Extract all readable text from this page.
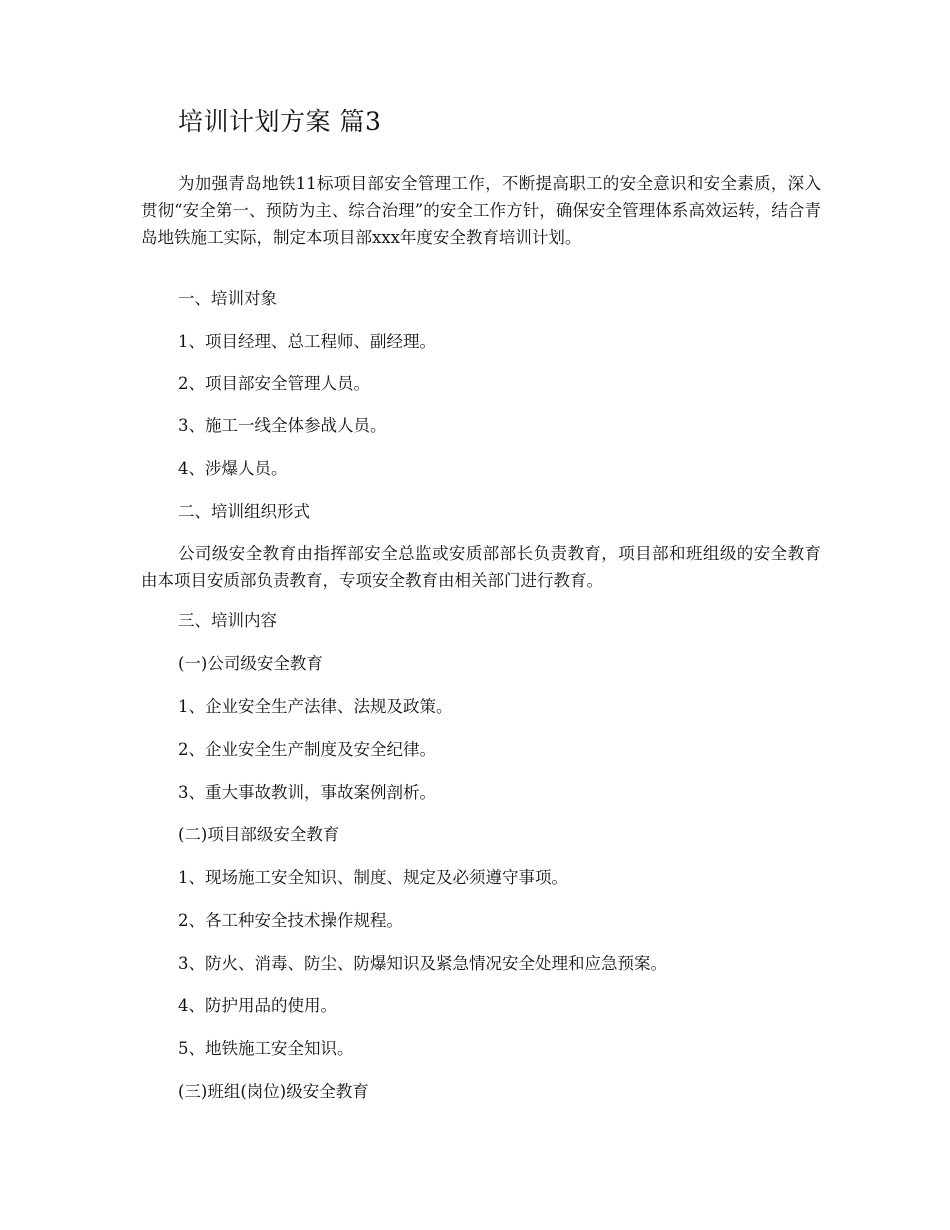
培训计划方案 篇3

为加强青岛地铁11标项目部安全管理工作，不断提高职工的安全意识和安全素质，深入贯彻“安全第一、预防为主、综合治理”的安全工作方针，确保安全管理体系高效运转，结合青岛地铁施工实际，制定本项目部xxx年度安全教育培训计划。

一、培训对象
1、项目经理、总工程师、副经理。
2、项目部安全管理人员。
3、施工一线全体参战人员。
4、涉爆人员。
二、培训组织形式

公司级安全教育由指挥部安全总监或安质部部长负责教育，项目部和班组级的安全教育由本项目安质部负责教育，专项安全教育由相关部门进行教育。

三、培训内容
(一)公司级安全教育
1、企业安全生产法律、法规及政策。
2、企业安全生产制度及安全纪律。
3、重大事故教训，事故案例剖析。
(二)项目部级安全教育
1、现场施工安全知识、制度、规定及必须遵守事项。
2、各工种安全技术操作规程。
3、防火、消毒、防尘、防爆知识及紧急情况安全处理和应急预案。
4、防护用品的使用。
5、地铁施工安全知识。
(三)班组(岗位)级安全教育
